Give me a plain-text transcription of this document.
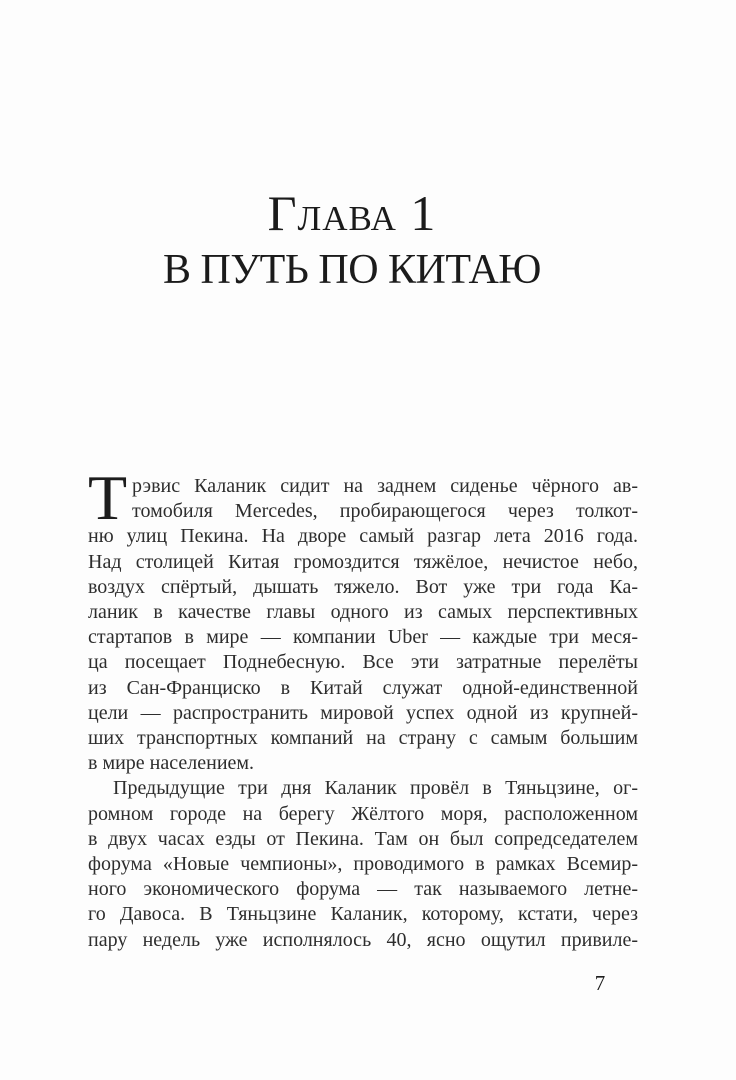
Глава 1
В ПУТЬ ПО КИТАЮ
Т рэвис Каланик сидит на заднем сиденье чёрного ав-
томобиля Mercedes, пробирающегося через толкот-
ню улиц Пекина. На дворе самый разгар лета 2016 года.
Над столицей Китая громоздится тяжёлое, нечистое небо,
воздух спёртый, дышать тяжело. Вот уже три года Ка-
ланик в качестве главы одного из самых перспективных
стартапов в мире — компании Uber — каждые три меся-
ца посещает Поднебесную. Все эти затратные перелёты
из Сан-Франциско в Китай служат одной-единственной
цели — распространить мировой успех одной из крупней-
ших транспортных компаний на страну с самым большим
в мире населением.
Предыдущие три дня Каланик провёл в Тяньцзине, ог-
ромном городе на берегу Жёлтого моря, расположенном
в двух часах езды от Пекина. Там он был сопредседателем
форума «Новые чемпионы», проводимого в рамках Всемир-
ного экономического форума — так называемого летне-
го Давоса. В Тяньцзине Каланик, которому, кстати, через
пару недель уже исполнялось 40, ясно ощутил привиле-
7
